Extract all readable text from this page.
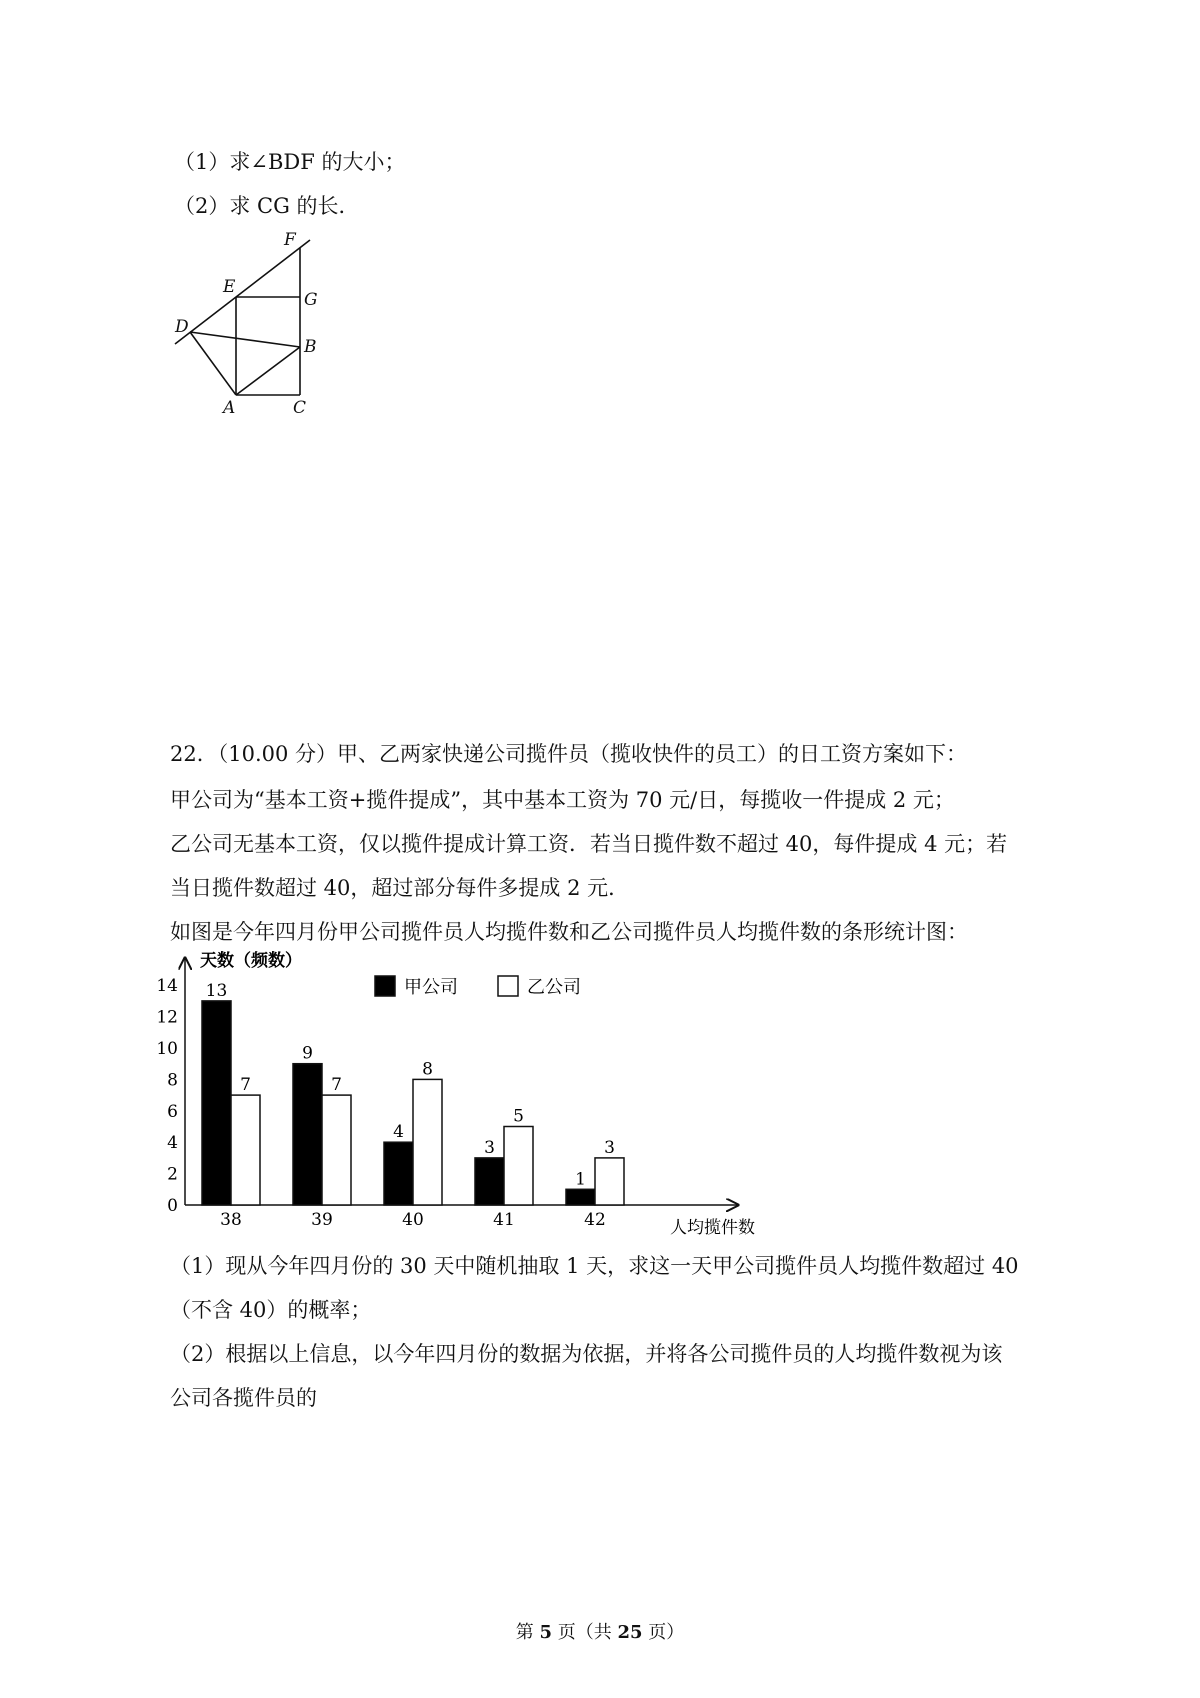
（1）求∠BDF 的大小；
（2）求 CG 的长．
F
E
G
D
B
A	C
22．（10.00 分）甲、乙两家快递公司揽件员（揽收快件的员工）的日工资方案如下：
甲公司为“基本工资+揽件提成”，其中基本工资为 70 元/日，每揽收一件提成 2 元；
乙公司无基本工资，仅以揽件提成计算工资．若当日揽件数不超过 40，每件提成 4 元；若
当日揽件数超过 40，超过部分每件多提成 2 元．
如图是今年四月份甲公司揽件员人均揽件数和乙公司揽件员人均揽件数的条形统计图：
天数（频数）
人均揽件数
甲公司	乙公司
0
2
4
6
8
10
12
14 13
7
38
9
7
39
4
8
40
3
5
41
1
3
42
（1）现从今年四月份的 30 天中随机抽取 1 天，求这一天甲公司揽件员人均揽件数超过 40
（不含 40）的概率；
（2）根据以上信息，以今年四月份的数据为依据，并将各公司揽件员的人均揽件数视为该
公司各揽件员的
第 5 页（共 25 页）
